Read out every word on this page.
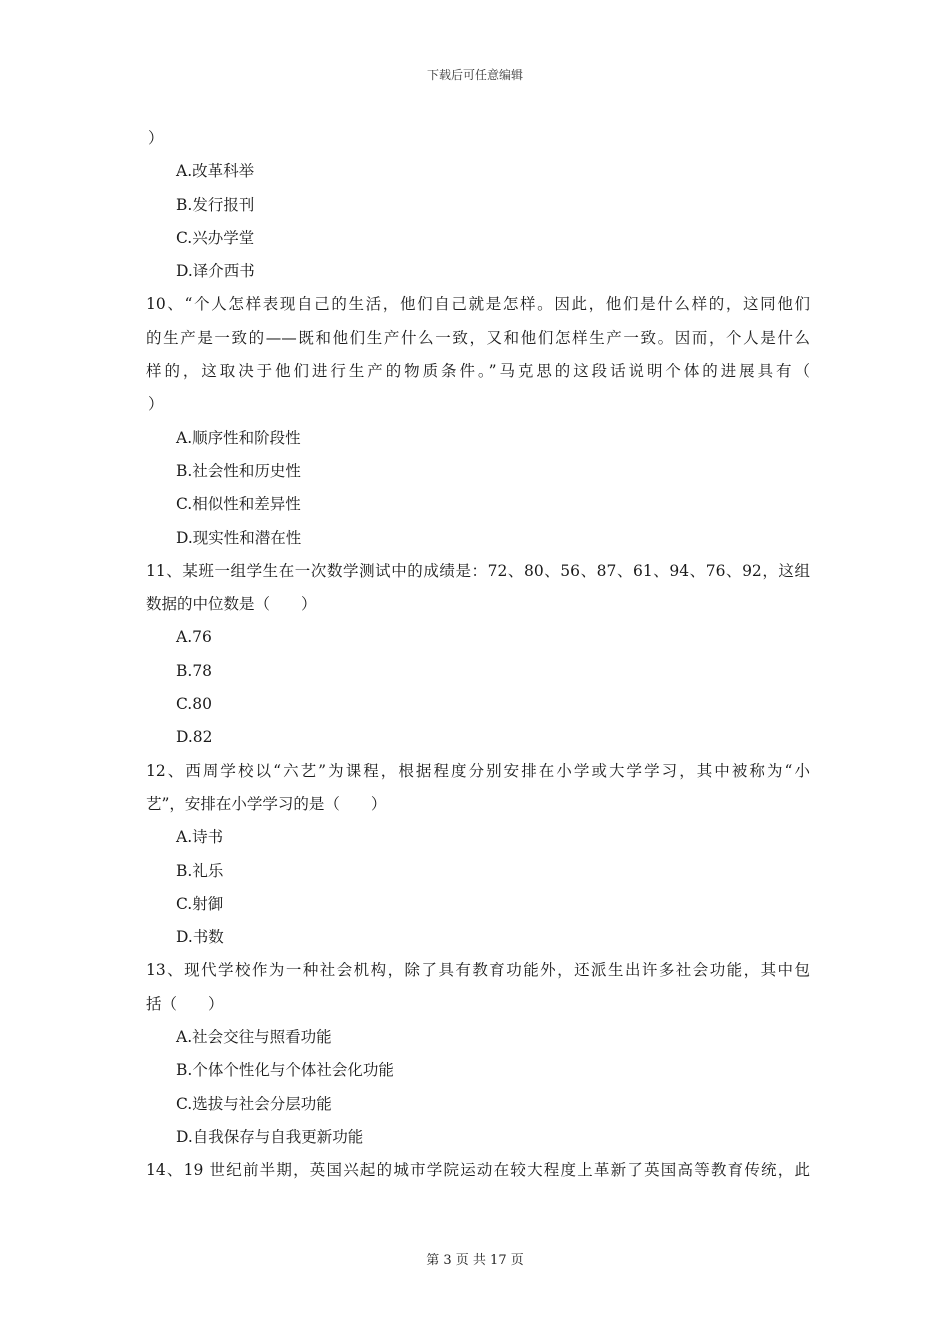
下载后可任意编辑
）
A.改革科举
B.发行报刊
C.兴办学堂
D.译介西书
10、“个人怎样表现自己的生活，他们自己就是怎样。因此，他们是什么样的，这同他们
的生产是一致的——既和他们生产什么一致，又和他们怎样生产一致。因而，个人是什么
样的，这取决于他们进行生产的物质条件。”马克思的这段话说明个体的进展具有（
）
A.顺序性和阶段性
B.社会性和历史性
C.相似性和差异性
D.现实性和潜在性
11、某班一组学生在一次数学测试中的成绩是：72、80、56、87、61、94、76、92，这组
数据的中位数是（　　）
A.76
B.78
C.80
D.82
12、西周学校以“六艺”为课程，根据程度分别安排在小学或大学学习，其中被称为“小
艺”，安排在小学学习的是（　　）
A.诗书
B.礼乐
C.射御
D.书数
13、现代学校作为一种社会机构，除了具有教育功能外，还派生出许多社会功能，其中包
括（　　）
A.社会交往与照看功能
B.个体个性化与个体社会化功能
C.选拔与社会分层功能
D.自我保存与自我更新功能
14、19 世纪前半期，英国兴起的城市学院运动在较大程度上革新了英国高等教育传统，此
第 3 页 共 17 页
